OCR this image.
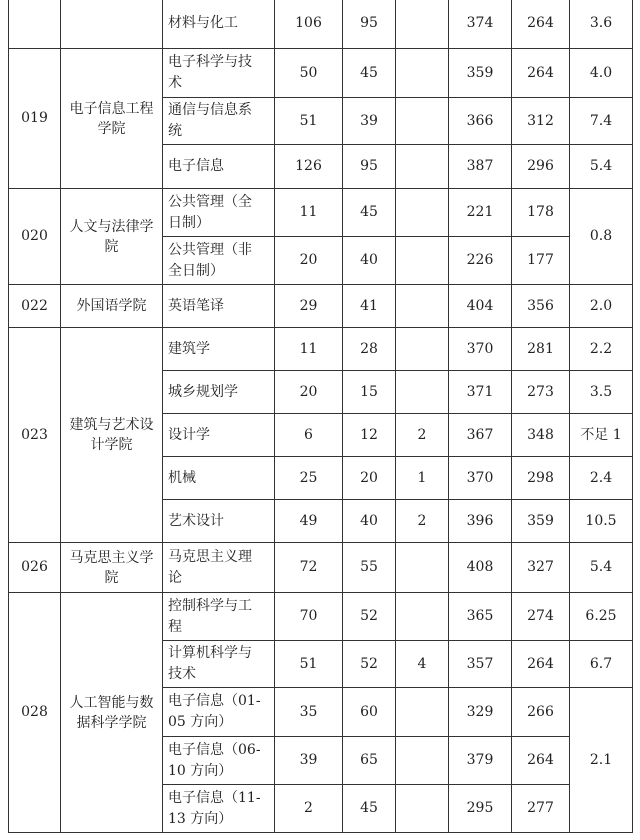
		材料与化工	106	95		374	264	3.6
019	电子信息工程学院	电子科学与技术	50	45		359	264	4.0
		通信与信息系统	51	39		366	312	7.4
		电子信息	126	95		387	296	5.4
020	人文与法律学院	公共管理（全日制）	11	45		221	178	0.8
		公共管理（非全日制）	20	40		226	177	
022	外国语学院	英语笔译	29	41		404	356	2.0
023	建筑与艺术设计学院	建筑学	11	28		370	281	2.2
		城乡规划学	20	15		371	273	3.5
		设计学	6	12	2	367	348	不足 1
		机械	25	20	1	370	298	2.4
		艺术设计	49	40	2	396	359	10.5
026	马克思主义学院	马克思主义理论	72	55		408	327	5.4
028	人工智能与数据科学学院	控制科学与工程	70	52		365	274	6.25
		计算机科学与技术	51	52	4	357	264	6.7
		电子信息（01-05 方向）	35	60		329	266	2.1
		电子信息（06-10 方向）	39	65		379	264	
		电子信息（11-13 方向）	2	45		295	277	
